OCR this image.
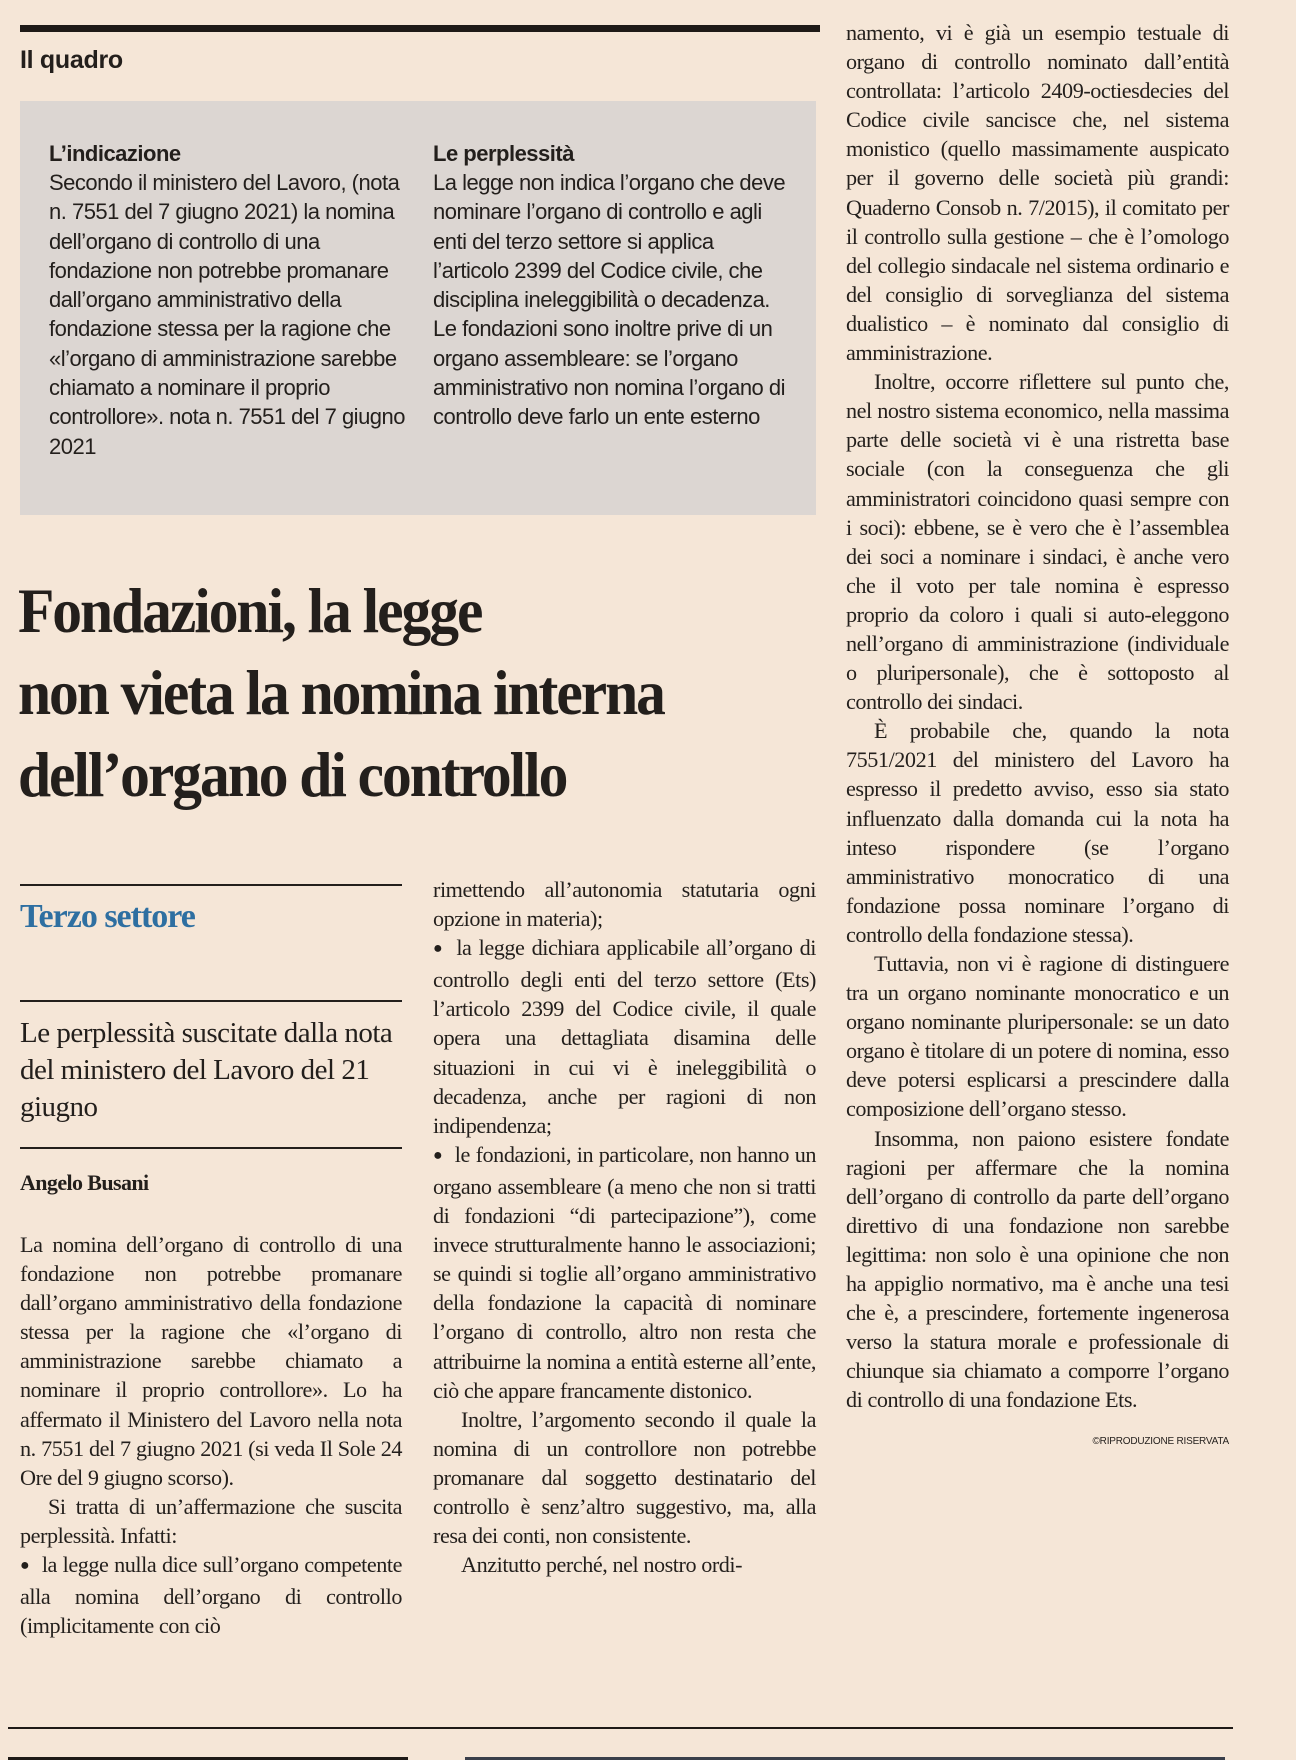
Il quadro
L’indicazione

Secondo il ministero del Lavoro, (nota n. 7551 del 7 giugno 2021) la nomina dell’organo di controllo di una fondazione non potrebbe promanare dall’organo amministrativo della fondazione stessa per la ragione che «l’organo di amministrazione sarebbe chiamato a nominare il proprio controllore». nota n. 7551 del 7 giugno 2021

Le perplessità

La legge non indica l’organo che deve nominare l’organo di controllo e agli enti del terzo settore si applica l’articolo 2399 del Codice civile, che disciplina ineleggibilità o decadenza. Le fondazioni sono inoltre prive di un organo assembleare: se l’organo amministrativo non nomina l’organo di controllo deve farlo un ente esterno

Fondazioni, la legge
non vieta la nomina interna
dell’organo di controllo
Terzo settore
Le perplessità suscitate dalla nota del ministero del Lavoro del 21 giugno
Angelo Busani

La nomina dell’organo di controllo di una fondazione non potrebbe promanare dall’organo amministrativo della fondazione stessa per la ragione che «l’organo di amministrazione sarebbe chiamato a nominare il proprio controllore». Lo ha affermato il Ministero del Lavoro nella nota n. 7551 del 7 giugno 2021 (si veda Il Sole 24 Ore del 9 giugno scorso).

Si tratta di un’affermazione che suscita perplessità. Infatti:

● la legge nulla dice sull’organo competente alla nomina dell’organo di controllo (implicitamente con ciò

rimettendo all’autonomia statutaria ogni opzione in materia);

● la legge dichiara applicabile all’organo di controllo degli enti del terzo settore (Ets) l’articolo 2399 del Codice civile, il quale opera una dettagliata disamina delle situazioni in cui vi è ineleggibilità o decadenza, anche per ragioni di non indipendenza;

● le fondazioni, in particolare, non hanno un organo assembleare (a meno che non si tratti di fondazioni “di partecipazione”), come invece strutturalmente hanno le associazioni; se quindi si toglie all’organo amministrativo della fondazione la capacità di nominare l’organo di controllo, altro non resta che attribuirne la nomina a entità esterne all’ente, ciò che appare francamente distonico.

Inoltre, l’argomento secondo il quale la nomina di un controllore non potrebbe promanare dal soggetto destinatario del controllo è senz’altro suggestivo, ma, alla resa dei conti, non consistente.

Anzitutto perché, nel nostro ordi-

namento, vi è già un esempio testuale di organo di controllo nominato dall’entità controllata: l’articolo 2409-octiesdecies del Codice civile sancisce che, nel sistema monistico (quello massimamente auspicato per il governo delle società più grandi: Quaderno Consob n. 7/2015), il comitato per il controllo sulla gestione – che è l’omologo del collegio sindacale nel sistema ordinario e del consiglio di sorveglianza del sistema dualistico – è nominato dal consiglio di amministrazione.

Inoltre, occorre riflettere sul punto che, nel nostro sistema economico, nella massima parte delle società vi è una ristretta base sociale (con la conseguenza che gli amministratori coincidono quasi sempre con i soci): ebbene, se è vero che è l’assemblea dei soci a nominare i sindaci, è anche vero che il voto per tale nomina è espresso proprio da coloro i quali si auto-eleggono nell’organo di amministrazione (individuale o pluripersonale), che è sottoposto al controllo dei sindaci.

È probabile che, quando la nota 7551/2021 del ministero del Lavoro ha espresso il predetto avviso, esso sia stato influenzato dalla domanda cui la nota ha inteso rispondere (se l’organo amministrativo monocratico di una fondazione possa nominare l’organo di controllo della fondazione stessa).

Tuttavia, non vi è ragione di distinguere tra un organo nominante monocratico e un organo nominante pluripersonale: se un dato organo è titolare di un potere di nomina, esso deve potersi esplicarsi a prescindere dalla composizione dell’organo stesso.

Insomma, non paiono esistere fondate ragioni per affermare che la nomina dell’organo di controllo da parte dell’organo direttivo di una fondazione non sarebbe legittima: non solo è una opinione che non ha appiglio normativo, ma è anche una tesi che è, a prescindere, fortemente ingenerosa verso la statura morale e professionale di chiunque sia chiamato a comporre l’organo di controllo di una fondazione Ets.

©RIPRODUZIONE RISERVATA
